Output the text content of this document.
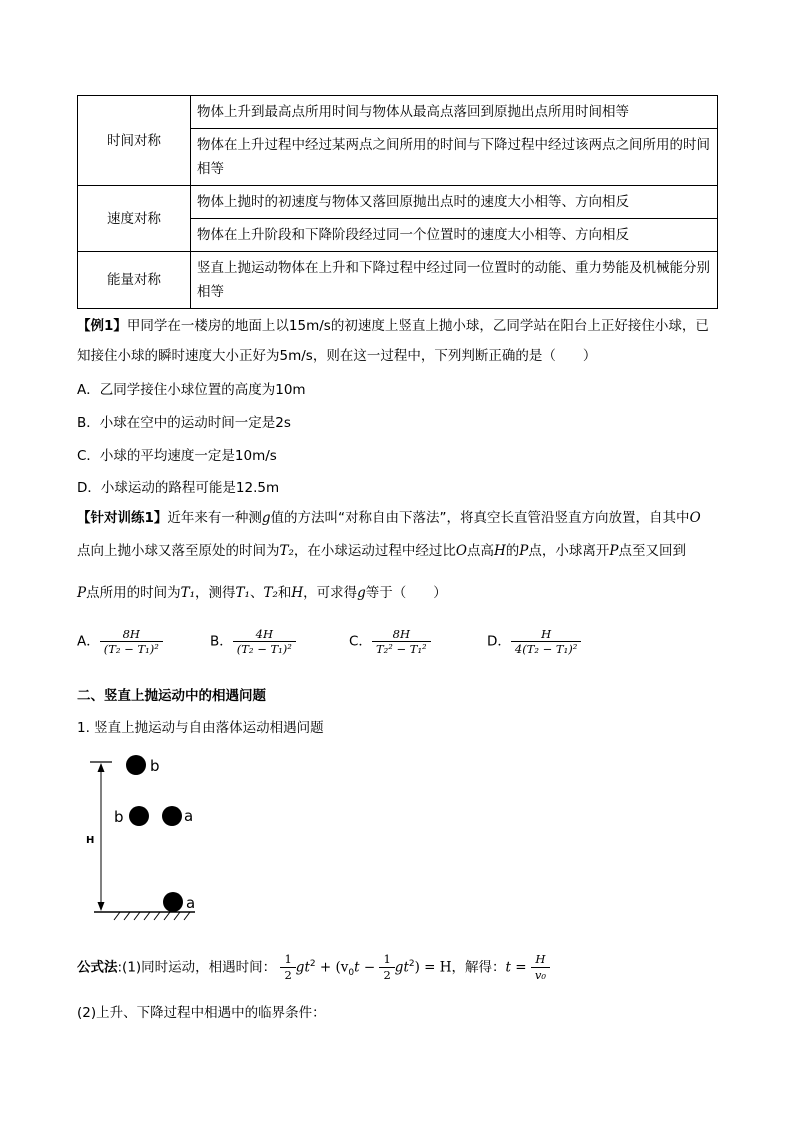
时间对称	物体上升到最高点所用时间与物体从最高点落回到原抛出点所用时间相等
	物体在上升过程中经过某两点之间所用的时间与下降过程中经过该两点之间所用的时间相等
速度对称	物体上抛时的初速度与物体又落回原抛出点时的速度大小相等、方向相反
	物体在上升阶段和下降阶段经过同一个位置时的速度大小相等、方向相反
能量对称	竖直上抛运动物体在上升和下降过程中经过同一位置时的动能、重力势能及机械能分别相等
【例1】甲同学在一楼房的地面上以15m/s的初速度上竖直上抛小球，乙同学站在阳台上正好接住小球，已
知接住小球的瞬时速度大小正好为5m/s，则在这一过程中，下列判断正确的是（　　）
A．乙同学接住小球位置的高度为10m
B．小球在空中的运动时间一定是2s
C．小球的平均速度一定是10m/s
D．小球运动的路程可能是12.5m
【针对训练1】近年来有一种测g值的方法叫“对称自由下落法”，将真空长直管沿竖直方向放置，自其中O
点向上抛小球又落至原处的时间为T₂，在小球运动过程中经过比O点高H的P点，小球离开P点至又回到
P点所用的时间为T₁，测得T₁、T₂和H，可求得g等于（　　）
A． $\frac{8H}{\text{(T₂ − T₁)²}}$	B． $\frac{4H}{\text{(T₂ − T₁)²}}$	C． $\frac{8H}{\text{T₂² − T₁²}}$	D． $\frac{H}{\text{4(T₂ − T₁)²}}$
二、竖直上抛运动中的相遇问题
1. 竖直上抛运动与自由落体运动相遇问题
b
b	a
a
H
公式法:(1)同时运动，相遇时间： $\frac{1}{2} gt^2 + (v_0t - \frac{1}{2} gt^2) = H$，解得：$t = \frac{H}{\text{v₀}}$
(2)上升、下降过程中相遇中的临界条件：
